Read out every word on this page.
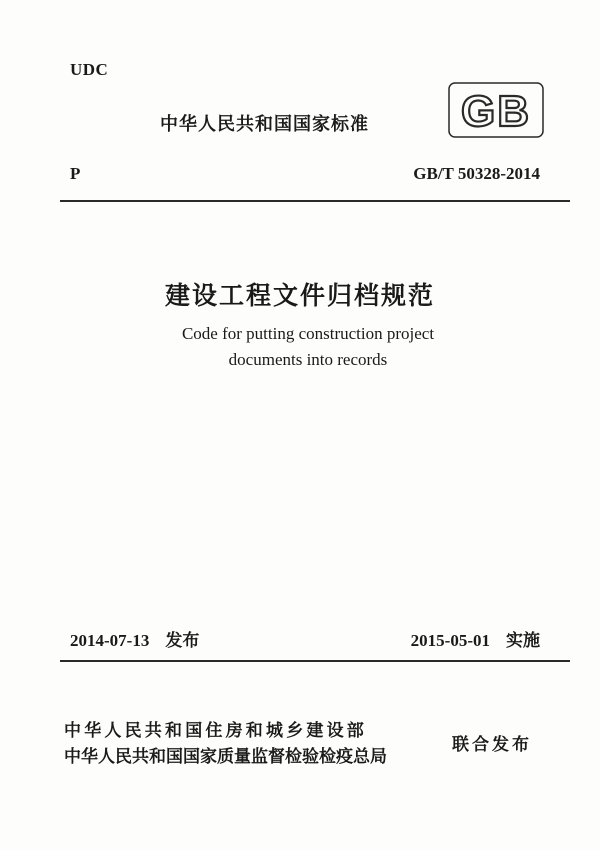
UDC
中华人民共和国国家标准 GB
P	GB/T 50328-2014
建设工程文件归档规范
Code for putting construction project
documents into records
2014-07-13 发布	2015-05-01 实施
中华人民共和国住房和城乡建设部
中华人民共和国国家质量监督检验检疫总局
联合发布
